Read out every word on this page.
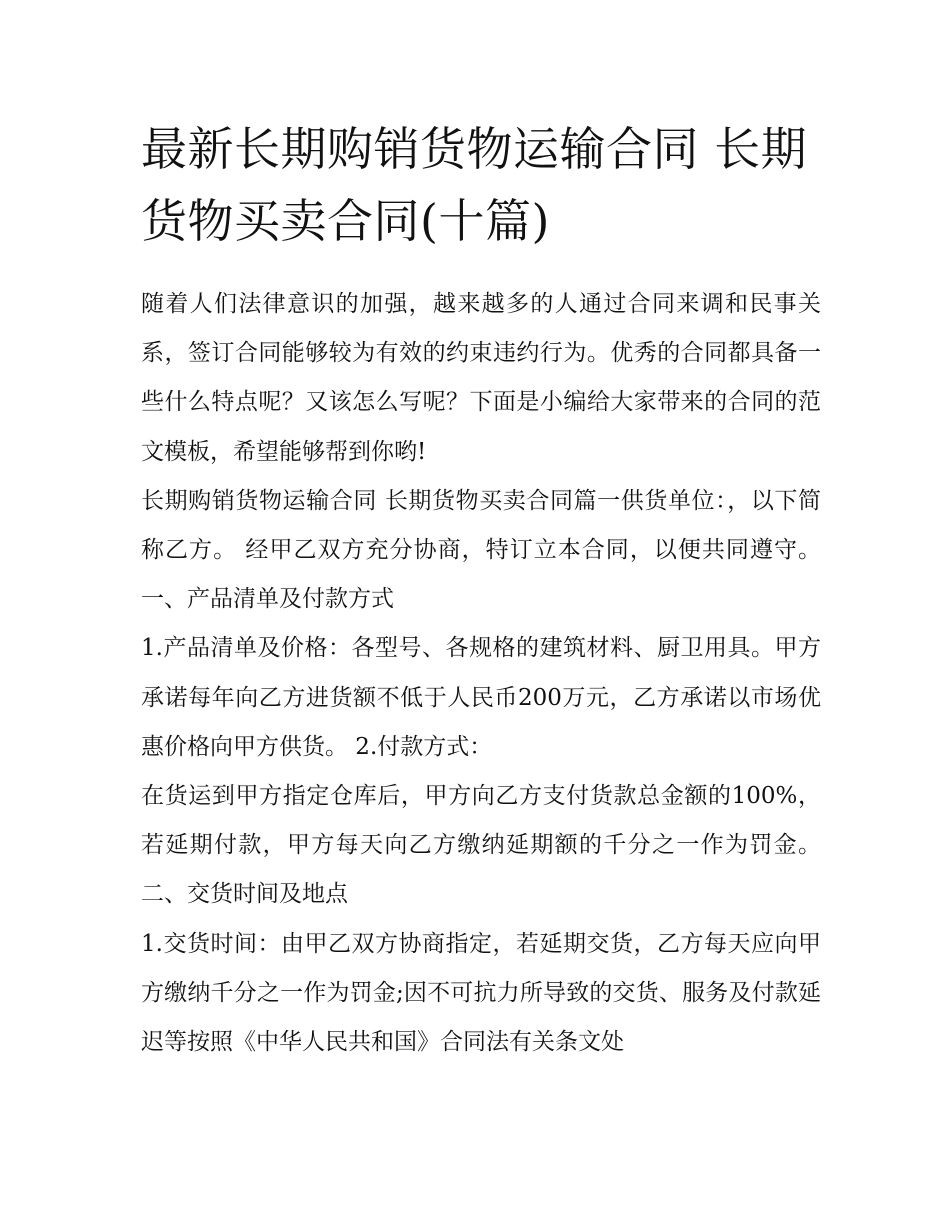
最新长期购销货物运输合同 长期货物买卖合同(十篇)

随着人们法律意识的加强，越来越多的人通过合同来调和民事关系，签订合同能够较为有效的约束违约行为。优秀的合同都具备一些什么特点呢？又该怎么写呢？下面是小编给大家带来的合同的范文模板，希望能够帮到你哟!

长期购销货物运输合同 长期货物买卖合同篇一供货单位：，以下简称乙方。 经甲乙双方充分协商，特订立本合同，以便共同遵守。 一、产品清单及付款方式

1.产品清单及价格：各型号、各规格的建筑材料、厨卫用具。甲方承诺每年向乙方进货额不低于人民币200万元，乙方承诺以市场优惠价格向甲方供货。 2.付款方式：

在货运到甲方指定仓库后，甲方向乙方支付货款总金额的100%，若延期付款，甲方每天向乙方缴纳延期额的千分之一作为罚金。 二、交货时间及地点

1.交货时间：由甲乙双方协商指定，若延期交货，乙方每天应向甲方缴纳千分之一作为罚金;因不可抗力所导致的交货、服务及付款延迟等按照《中华人民共和国》合同法有关条文处
